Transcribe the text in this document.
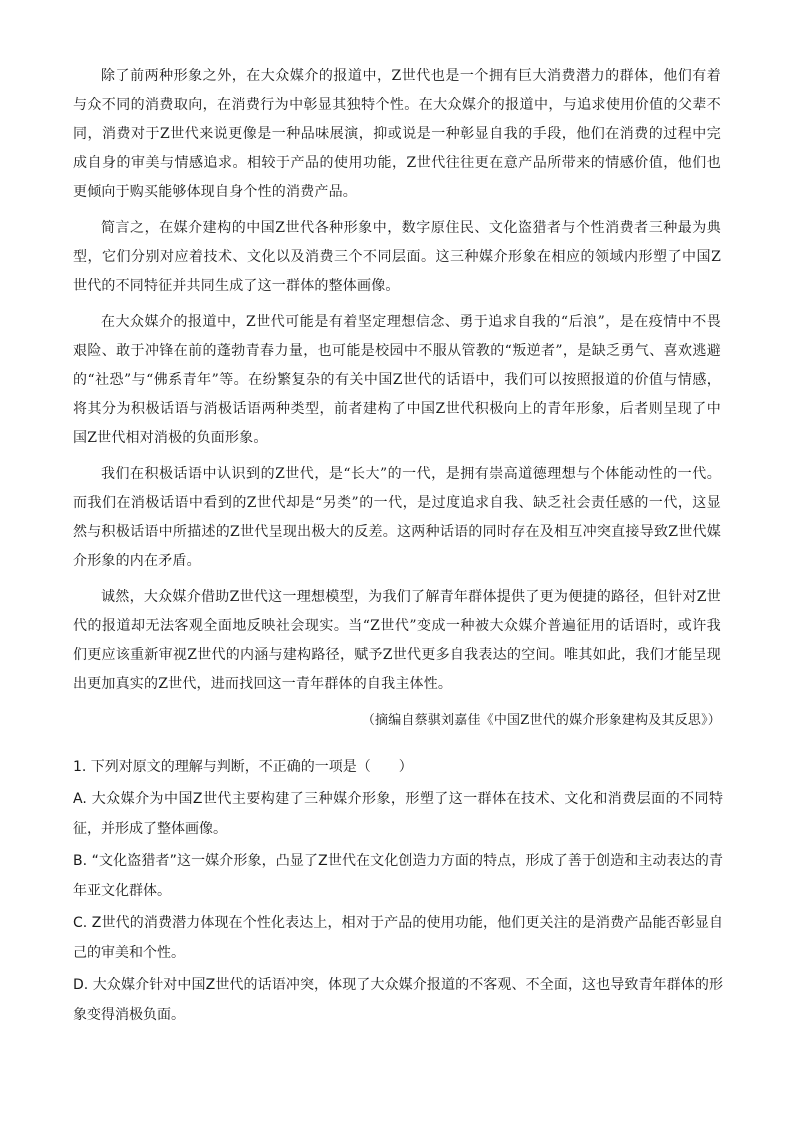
除了前两种形象之外，在大众媒介的报道中，Z世代也是一个拥有巨大消费潜力的群体，他们有着与众不同的消费取向，在消费行为中彰显其独特个性。在大众媒介的报道中，与追求使用价值的父辈不同，消费对于Z世代来说更像是一种品味展演，抑或说是一种彰显自我的手段，他们在消费的过程中完成自身的审美与情感追求。相较于产品的使用功能，Z世代往往更在意产品所带来的情感价值，他们也更倾向于购买能够体现自身个性的消费产品。

简言之，在媒介建构的中国Z世代各种形象中，数字原住民、文化盗猎者与个性消费者三种最为典型，它们分别对应着技术、文化以及消费三个不同层面。这三种媒介形象在相应的领域内形塑了中国Z世代的不同特征并共同生成了这一群体的整体画像。

在大众媒介的报道中，Z世代可能是有着坚定理想信念、勇于追求自我的“后浪”，是在疫情中不畏艰险、敢于冲锋在前的蓬勃青春力量，也可能是校园中不服从管教的“叛逆者”，是缺乏勇气、喜欢逃避的“社恐”与“佛系青年”等。在纷繁复杂的有关中国Z世代的话语中，我们可以按照报道的价值与情感，将其分为积极话语与消极话语两种类型，前者建构了中国Z世代积极向上的青年形象，后者则呈现了中国Z世代相对消极的负面形象。

我们在积极话语中认识到的Z世代，是“长大”的一代，是拥有崇高道德理想与个体能动性的一代。而我们在消极话语中看到的Z世代却是“另类”的一代，是过度追求自我、缺乏社会责任感的一代，这显然与积极话语中所描述的Z世代呈现出极大的反差。这两种话语的同时存在及相互冲突直接导致Z世代媒介形象的内在矛盾。

诚然，大众媒介借助Z世代这一理想模型，为我们了解青年群体提供了更为便捷的路径，但针对Z世代的报道却无法客观全面地反映社会现实。当“Z世代”变成一种被大众媒介普遍征用的话语时，或许我们更应该重新审视Z世代的内涵与建构路径，赋予Z世代更多自我表达的空间。唯其如此，我们才能呈现出更加真实的Z世代，进而找回这一青年群体的自我主体性。

（摘编自蔡骐刘嘉佳《中国Z世代的媒介形象建构及其反思》）

1. 下列对原文的理解与判断，不正确的一项是（　　）
A. 大众媒介为中国Z世代主要构建了三种媒介形象，形塑了这一群体在技术、文化和消费层面的不同特征，并形成了整体画像。
B. “文化盗猎者”这一媒介形象，凸显了Z世代在文化创造力方面的特点，形成了善于创造和主动表达的青年亚文化群体。
C. Z世代的消费潜力体现在个性化表达上，相对于产品的使用功能，他们更关注的是消费产品能否彰显自己的审美和个性。
D. 大众媒介针对中国Z世代的话语冲突，体现了大众媒介报道的不客观、不全面，这也导致青年群体的形象变得消极负面。
